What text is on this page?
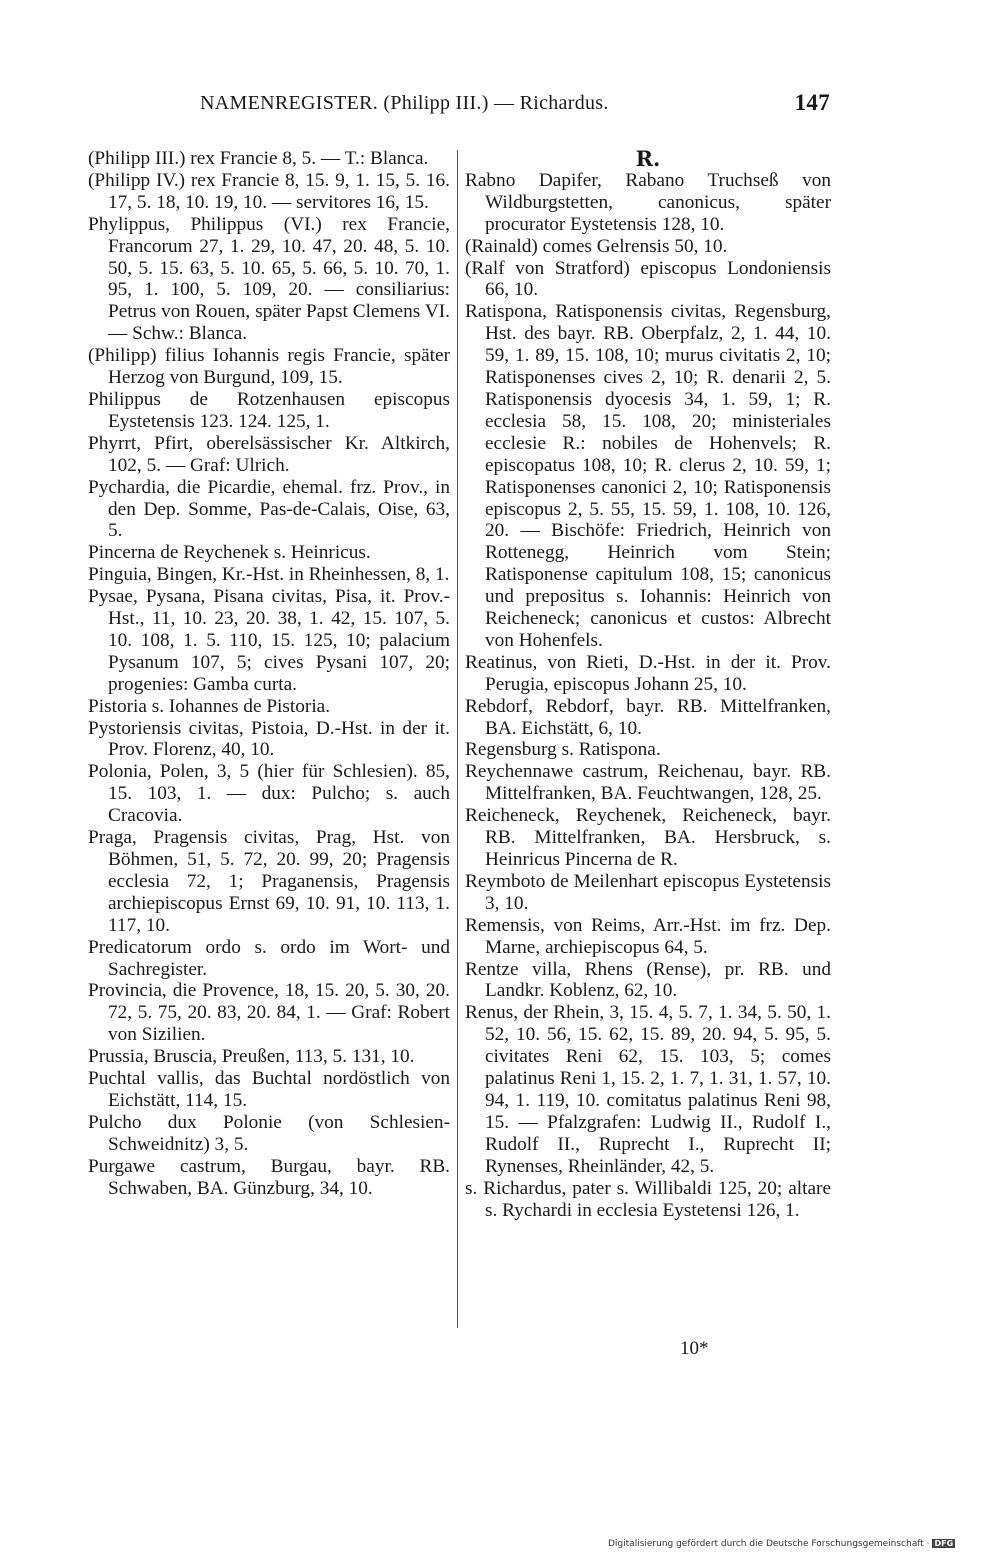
NAMENREGISTER. (Philipp III.) — Richardus.	147

(Philipp III.) rex Francie 8, 5. — T.: Blanca.

(Philipp IV.) rex Francie 8, 15. 9, 1. 15, 5. 16. 17, 5. 18, 10. 19, 10. — servitores 16, 15.

Phylippus, Philippus (VI.) rex Francie, Francorum 27, 1. 29, 10. 47, 20. 48, 5. 10. 50, 5. 15. 63, 5. 10. 65, 5. 66, 5. 10. 70, 1. 95, 1. 100, 5. 109, 20. — consiliarius: Petrus von Rouen, später Papst Clemens VI. — Schw.: Blanca.

(Philipp) filius Iohannis regis Francie, später Herzog von Burgund, 109, 15.

Philippus de Rotzenhausen episcopus Eystetensis 123. 124. 125, 1.

Phyrrt, Pfirt, oberelsässischer Kr. Altkirch, 102, 5. — Graf: Ulrich.

Pychardia, die Picardie, ehemal. frz. Prov., in den Dep. Somme, Pas-de-Calais, Oise, 63, 5.

Pincerna de Reychenek s. Heinricus.

Pinguia, Bingen, Kr.-Hst. in Rheinhessen, 8, 1.

Pysae, Pysana, Pisana civitas, Pisa, it. Prov.-Hst., 11, 10. 23, 20. 38, 1. 42, 15. 107, 5. 10. 108, 1. 5. 110, 15. 125, 10; palacium Pysanum 107, 5; cives Pysani 107, 20; progenies: Gamba curta.

Pistoria s. Iohannes de Pistoria.

Pystoriensis civitas, Pistoia, D.-Hst. in der it. Prov. Florenz, 40, 10.

Polonia, Polen, 3, 5 (hier für Schlesien). 85, 15. 103, 1. — dux: Pulcho; s. auch Cracovia.

Praga, Pragensis civitas, Prag, Hst. von Böhmen, 51, 5. 72, 20. 99, 20; Pragensis ecclesia 72, 1; Praganensis, Pragensis archiepiscopus Ernst 69, 10. 91, 10. 113, 1. 117, 10.

Predicatorum ordo s. ordo im Wort- und Sachregister.

Provincia, die Provence, 18, 15. 20, 5. 30, 20. 72, 5. 75, 20. 83, 20. 84, 1. — Graf: Robert von Sizilien.

Prussia, Bruscia, Preußen, 113, 5. 131, 10.

Puchtal vallis, das Buchtal nordöstlich von Eichstätt, 114, 15.

Pulcho dux Polonie (von Schlesien-Schweidnitz) 3, 5.

Purgawe castrum, Burgau, bayr. RB. Schwaben, BA. Günzburg, 34, 10.

R.

Rabno Dapifer, Rabano Truchseß von Wildburgstetten, canonicus, später procurator Eystetensis 128, 10.

(Rainald) comes Gelrensis 50, 10.

(Ralf von Stratford) episcopus Londoniensis 66, 10.

Ratispona, Ratisponensis civitas, Regensburg, Hst. des bayr. RB. Oberpfalz, 2, 1. 44, 10. 59, 1. 89, 15. 108, 10; murus civitatis 2, 10; Ratisponenses cives 2, 10; R. denarii 2, 5. Ratisponensis dyocesis 34, 1. 59, 1; R. ecclesia 58, 15. 108, 20; ministeriales ecclesie R.: nobiles de Hohenvels; R. episcopatus 108, 10; R. clerus 2, 10. 59, 1; Ratisponenses canonici 2, 10; Ratisponensis episcopus 2, 5. 55, 15. 59, 1. 108, 10. 126, 20. — Bischöfe: Friedrich, Heinrich von Rottenegg, Heinrich vom Stein; Ratisponense capitulum 108, 15; canonicus und prepositus s. Iohannis: Heinrich von Reicheneck; canonicus et custos: Albrecht von Hohenfels.

Reatinus, von Rieti, D.-Hst. in der it. Prov. Perugia, episcopus Johann 25, 10.

Rebdorf, Rebdorf, bayr. RB. Mittelfranken, BA. Eichstätt, 6, 10.

Regensburg s. Ratispona.

Reychennawe castrum, Reichenau, bayr. RB. Mittelfranken, BA. Feuchtwangen, 128, 25.

Reicheneck, Reychenek, Reicheneck, bayr. RB. Mittelfranken, BA. Hersbruck, s. Heinricus Pincerna de R.

Reymboto de Meilenhart episcopus Eystetensis 3, 10.

Remensis, von Reims, Arr.-Hst. im frz. Dep. Marne, archiepiscopus 64, 5.

Rentze villa, Rhens (Rense), pr. RB. und Landkr. Koblenz, 62, 10.

Renus, der Rhein, 3, 15. 4, 5. 7, 1. 34, 5. 50, 1. 52, 10. 56, 15. 62, 15. 89, 20. 94, 5. 95, 5. civitates Reni 62, 15. 103, 5; comes palatinus Reni 1, 15. 2, 1. 7, 1. 31, 1. 57, 10. 94, 1. 119, 10. comitatus palatinus Reni 98, 15. — Pfalzgrafen: Ludwig II., Rudolf I., Rudolf II., Ruprecht I., Ruprecht II; Rynenses, Rheinländer, 42, 5.

s. Richardus, pater s. Willibaldi 125, 20; altare s. Rychardi in ecclesia Eystetensi 126, 1.

10*
Digitalisierung gefördert durch die Deutsche Forschungsgemeinschaft · DFG
